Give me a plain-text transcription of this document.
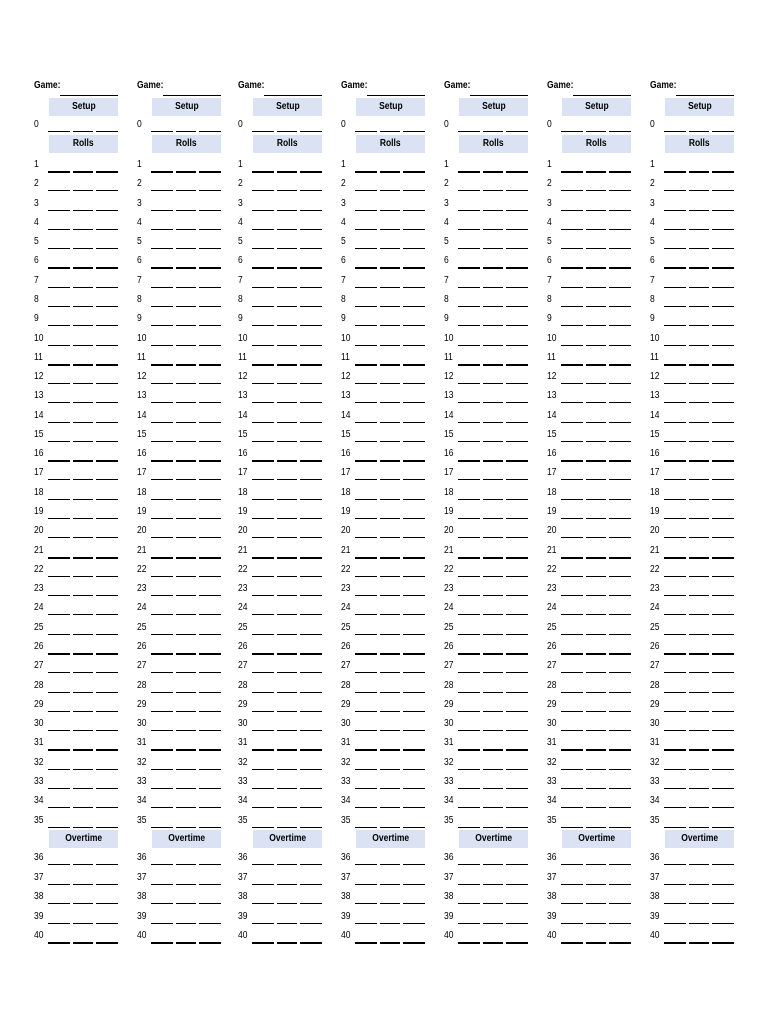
Game:
Setup
0
Rolls
1
2
3
4
5
6
7
8
9
10
11
12
13
14
15
16
17
18
19
20
21
22
23
24
25
26
27
28
29
30
31
32
33
34
35
Overtime
36
37
38
39
40
Game:
Setup
0
Rolls
1
2
3
4
5
6
7
8
9
10
11
12
13
14
15
16
17
18
19
20
21
22
23
24
25
26
27
28
29
30
31
32
33
34
35
Overtime
36
37
38
39
40
Game:
Setup
0
Rolls
1
2
3
4
5
6
7
8
9
10
11
12
13
14
15
16
17
18
19
20
21
22
23
24
25
26
27
28
29
30
31
32
33
34
35
Overtime
36
37
38
39
40
Game:
Setup
0
Rolls
1
2
3
4
5
6
7
8
9
10
11
12
13
14
15
16
17
18
19
20
21
22
23
24
25
26
27
28
29
30
31
32
33
34
35
Overtime
36
37
38
39
40
Game:
Setup
0
Rolls
1
2
3
4
5
6
7
8
9
10
11
12
13
14
15
16
17
18
19
20
21
22
23
24
25
26
27
28
29
30
31
32
33
34
35
Overtime
36
37
38
39
40
Game:
Setup
0
Rolls
1
2
3
4
5
6
7
8
9
10
11
12
13
14
15
16
17
18
19
20
21
22
23
24
25
26
27
28
29
30
31
32
33
34
35
Overtime
36
37
38
39
40
Game:
Setup
0
Rolls
1
2
3
4
5
6
7
8
9
10
11
12
13
14
15
16
17
18
19
20
21
22
23
24
25
26
27
28
29
30
31
32
33
34
35
Overtime
36
37
38
39
40
